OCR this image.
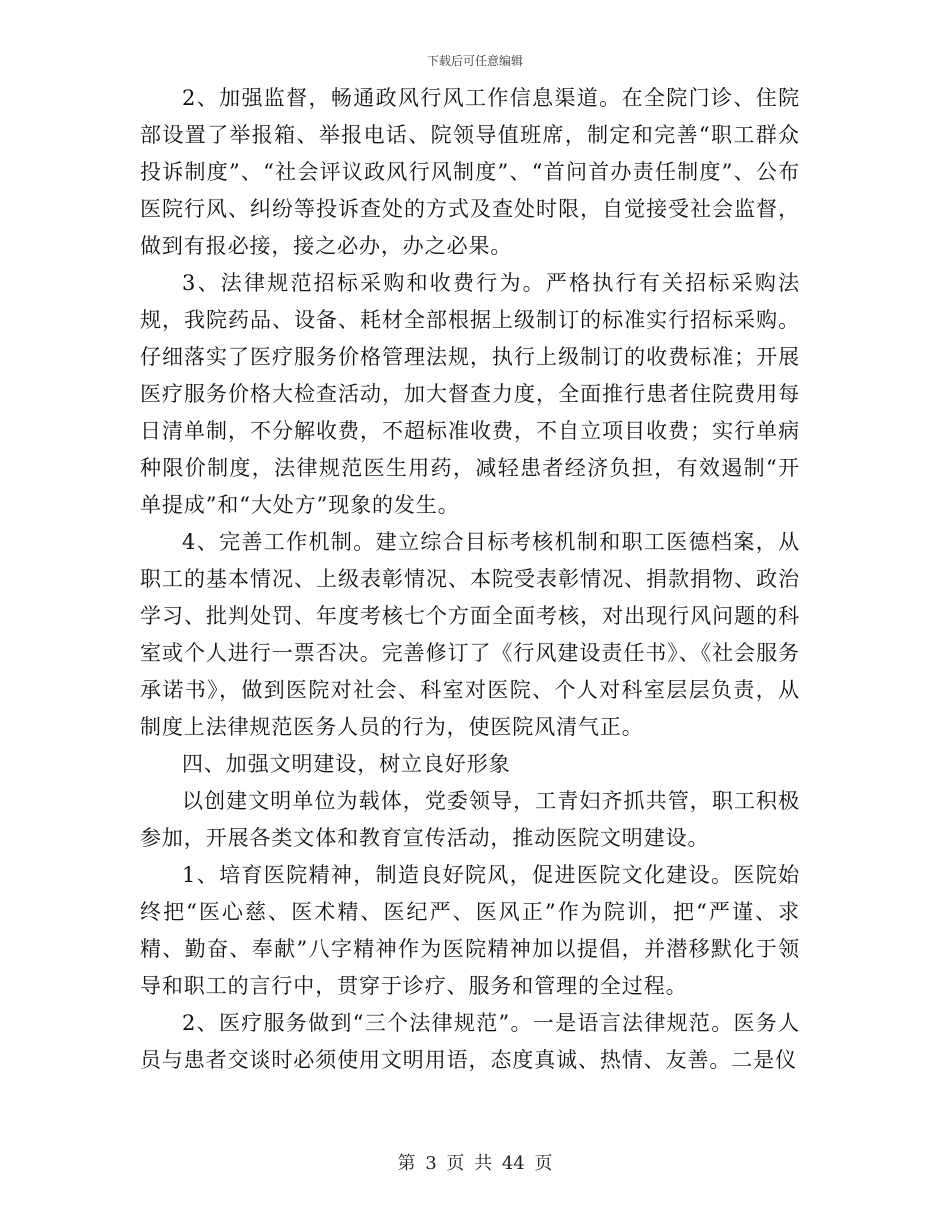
下载后可任意编辑

2、加强监督，畅通政风行风工作信息渠道。在全院门诊、住院部设置了举报箱、举报电话、院领导值班席，制定和完善“职工群众投诉制度”、“社会评议政风行风制度”、“首问首办责任制度”、公布医院行风、纠纷等投诉查处的方式及查处时限，自觉接受社会监督，做到有报必接，接之必办，办之必果。

3、法律规范招标采购和收费行为。严格执行有关招标采购法规，我院药品、设备、耗材全部根据上级制订的标准实行招标采购。仔细落实了医疗服务价格管理法规，执行上级制订的收费标准；开展医疗服务价格大检查活动，加大督查力度，全面推行患者住院费用每日清单制，不分解收费，不超标准收费，不自立项目收费；实行单病种限价制度，法律规范医生用药，减轻患者经济负担，有效遏制“开单提成”和“大处方”现象的发生。

4、完善工作机制。建立综合目标考核机制和职工医德档案，从职工的基本情况、上级表彰情况、本院受表彰情况、捐款捐物、政治学习、批判处罚、年度考核七个方面全面考核，对出现行风问题的科室或个人进行一票否决。完善修订了《行风建设责任书》、《社会服务承诺书》，做到医院对社会、科室对医院、个人对科室层层负责，从制度上法律规范医务人员的行为，使医院风清气正。

四、加强文明建设，树立良好形象

以创建文明单位为载体，党委领导，工青妇齐抓共管，职工积极参加，开展各类文体和教育宣传活动，推动医院文明建设。

1、培育医院精神，制造良好院风，促进医院文化建设。医院始终把“医心慈、医术精、医纪严、医风正”作为院训，把“严谨、求精、勤奋、奉献”八字精神作为医院精神加以提倡，并潜移默化于领导和职工的言行中，贯穿于诊疗、服务和管理的全过程。

2、医疗服务做到“三个法律规范”。一是语言法律规范。医务人员与患者交谈时必须使用文明用语，态度真诚、热情、友善。二是仪

第 3 页 共 44 页
